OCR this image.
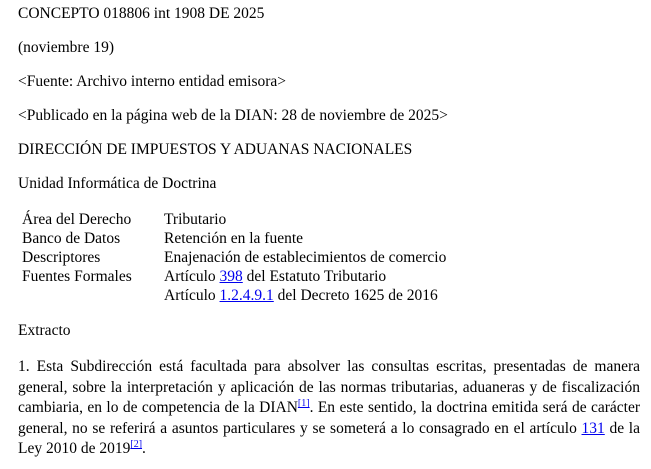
CONCEPTO 018806 int 1908 DE 2025
(noviembre 19)
<Fuente: Archivo interno entidad emisora>
<Publicado en la página web de la DIAN: 28 de noviembre de 2025>
DIRECCIÓN DE IMPUESTOS Y ADUANAS NACIONALES
Unidad Informática de Doctrina
Área del Derecho	Tributario
Banco de Datos	Retención en la fuente
Descriptores	Enajenación de establecimientos de comercio
Fuentes Formales	Artículo 398 del Estatuto Tributario
Artículo 1.2.4.9.1 del Decreto 1625 de 2016
Extracto
1. Esta Subdirección está facultada para absolver las consultas escritas, presentadas de manera general, sobre la interpretación y aplicación de las normas tributarias, aduaneras y de fiscalización cambiaria, en lo de competencia de la DIAN[1]. En este sentido, la doctrina emitida será de carácter general, no se referirá a asuntos particulares y se someterá a lo consagrado en el artículo 131 de la Ley 2010 de 2019[2].
